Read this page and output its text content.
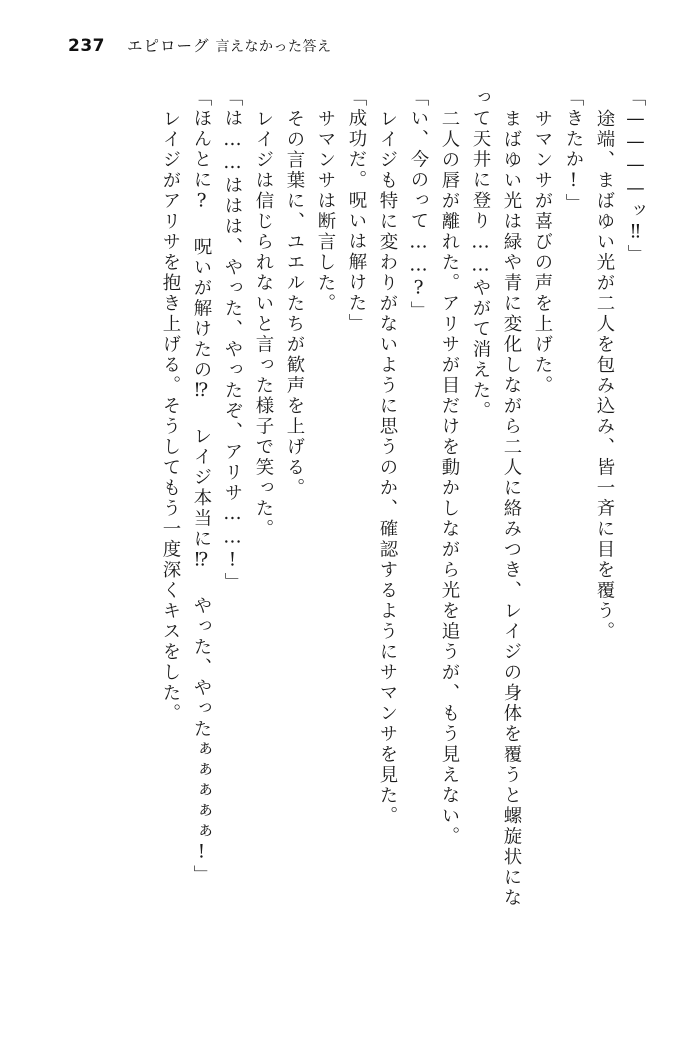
237 エピローグ 言えなかった答え
「————ッ‼」
途端、まばゆい光が二人を包み込み、皆一斉に目を覆う。
「きたか!」
サマンサが喜びの声を上げた。
まばゆい光は緑や青に変化しながら二人に絡みつき、レイジの身体を覆うと螺旋状にな
って天井に登り……やがて消えた。
二人の唇が離れた。アリサが目だけを動かしながら光を追うが、もう見えない。
「い、今のって……?」
レイジも特に変わりがないように思うのか、確認するようにサマンサを見た。
「成功だ。呪いは解けた」
サマンサは断言した。
その言葉に、ユエルたちが歓声を上げる。
レイジは信じられないと言った様子で笑った。
「は……ははは、やった、やったぞ、アリサ……!」
「ほんとに? 呪いが解けたの⁉ レイジ本当に⁉ やった、やったぁぁぁぁぁ!」
レイジがアリサを抱き上げる。そうしてもう一度深くキスをした。
